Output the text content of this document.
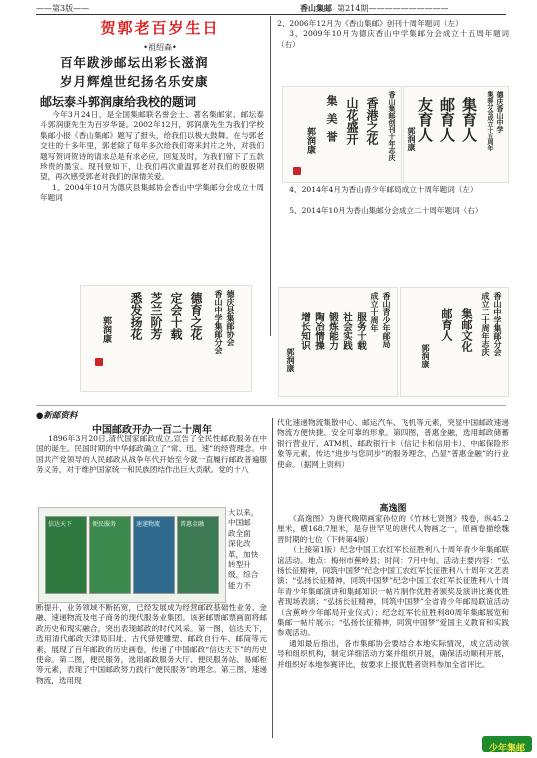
——第3版——	香山集邮 第214期——————————
贺郭老百岁生日
•祖绍森•
百年跋涉邮坛出彩长滋润
岁月辉煌世纪扬名乐安康
邮坛泰斗郭润康给我校的题词

今年3月24日，是全国集邮联名誉会士、著名集邮家、邮坛泰斗郭润康先生为百岁华诞。2002年12月，郭润康先生为我们学校集邮小报《香山集邮》题写了报头，给我们以极大鼓舞。在与郭老交往的十多年里，郭老除了每年多次给我们寄来封片之外，对我们题写贺词贺诗的请求总是有求必应，回复及时，为我们留下了五款珍贵的墨宝。现刊登如下，让我们再次重温郭老对我们的殷殷期望，再次感受郭老对我们的深情关爱。

1、2004年10月为德庆县集邮协会香山中学集邮分会成立十周年题词

德庆县集邮协会
香山中学集邮分会
德育之花
定会十载
芝兰阶芳
悉发扬花
郭润康

2、2006年12月为《香山集邮》创刊十周年题词（左）

3、2009年10月为德庆香山中学集邮分会成立十五周年题词（右）

香山集邮创刊十年志庆
香港之花
山花盛开
集
美
誉
郭润康
德庆香山中学
集邮分会成立十五周年
集育人
邮育人
友育人
郭润康

4、2014年4月为香山青少年邮局成立十周年题词（左）

5、2014年10月为香山集邮分会成立二十周年题词（右）

香山青少年邮局
成立十周年
服务十载
社会实践
锻炼能力
陶冶情操
增长知识
郭润康
香山中学集邮分会
成立二十周年志庆
集邮文化
邮育人
郭润康
●新邮资料
中国邮政开办一百二十周年

1896年3月20日,清代国家邮政成立,宣告了全民性邮政服务在中国的诞生。民国时期的中华邮政确立了“常、迅、速”的经营理念。中国共产党领导的人民邮政从战争年代开始至今就一直履行邮政普遍服务义务，对于维护国家统一和民族团结作出巨大贡献。党的十八

信达天下	便民服务	速递物流	普惠金融
大以来，
中国邮
政全面
深化改
革，加快
转型升
级，综合
能力不

断提升，业务领域不断拓宽，已经发展成为经营邮政基础性业务、金融、速递物流及电子商务的现代服务业集团。该套邮票邮票画面将邮政历史和现实融合，突出表现邮政的时代风采。第一图，信达天下，选用清代邮政天津局旧址、古代驿使雕塑、邮政自行车、邮筒等元素，展现了百年邮政的历史画卷，传递了中国邮政“信达天下”的历史使命。第二图，便民服务，选用邮政服务大厅、便民服务站、易邮柜等元素，表现了中国邮政努力践行“便民服务”的理念。第三图，速递物流，选用现

代化速递物流集散中心、邮运汽车、飞机等元素，突显中国邮政速递物流方便快捷、安全可靠的形象。第四图，普惠金融，选用邮政储蓄银行营业厅、ATM机、邮政银行卡（信记卡和信用卡）、中邮保险形象等元素，传达“进步与您同步”的服务理念，凸显“普惠金融”的行业使命。（据网上资料）

高逸图

《高逸图》为唐代晚期画家孙位的《竹林七贤图》残卷，纵45.2厘米，横168.7厘米，是存世罕见的唐代人物画之一，原画卷描绘魏晋时期的七位（下转第4版）

（上接第1版）纪念中国工农红军长征胜利八十周年青少年集邮联谊活动。地点：梅州市蕉岭县；时间：7月中旬。活动主要内容：“弘扬长征精神，同筑中国梦”纪念中国工农红军长征胜利八十周年文艺表演；“弘扬长征精神，同筑中国梦”纪念中国工农红军长征胜利八十周年青少年集邮演讲和集邮知识一帖片制作优胜者颁奖及演讲比赛优胜者现场表演；“弘扬长征精神，同筑中国梦”全省青少年邮局联谊活动（含蕉岭少年邮局开业仪式）；纪念红军长征胜利80周年集邮展览和集邮一帖片展示；“弘扬长征精神，同筑中国梦”爱国主义教育和实践参观活动。

通知最后指出，各市集邮协会要结合本地实际情况，成立活动领导和组织机构，制定详细活动方案并组织开展，确保活动顺利开展，并组织好本地参赛评比，按要求上报优胜者资料参加全省评比。

少年集邮
